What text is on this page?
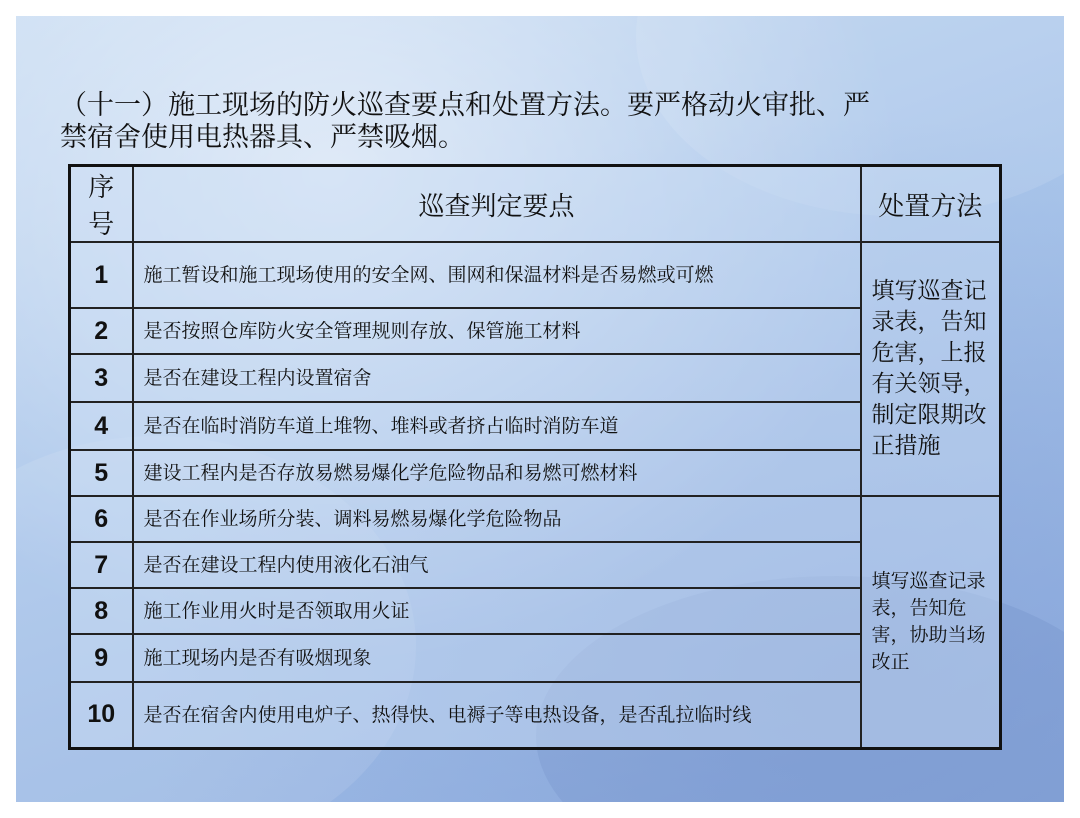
（十一）施工现场的防火巡查要点和处置方法。要严格动火审批、严
禁宿舍使用电热器具、严禁吸烟。
序号	巡查判定要点	处置方法
1	施工暂设和施工现场使用的安全网、围网和保温材料是否易燃或可燃	填写巡查记录表，告知危害，上报有关领导，制定限期改正措施
2	是否按照仓库防火安全管理规则存放、保管施工材料	
3	是否在建设工程内设置宿舍	
4	是否在临时消防车道上堆物、堆料或者挤占临时消防车道	
5	建设工程内是否存放易燃易爆化学危险物品和易燃可燃材料	
6	是否在作业场所分装、调料易燃易爆化学危险物品	填写巡查记录表，告知危害，协助当场改正
7	是否在建设工程内使用液化石油气	
8	施工作业用火时是否领取用火证	
9	施工现场内是否有吸烟现象	
10	是否在宿舍内使用电炉子、热得快、电褥子等电热设备，是否乱拉临时线	
